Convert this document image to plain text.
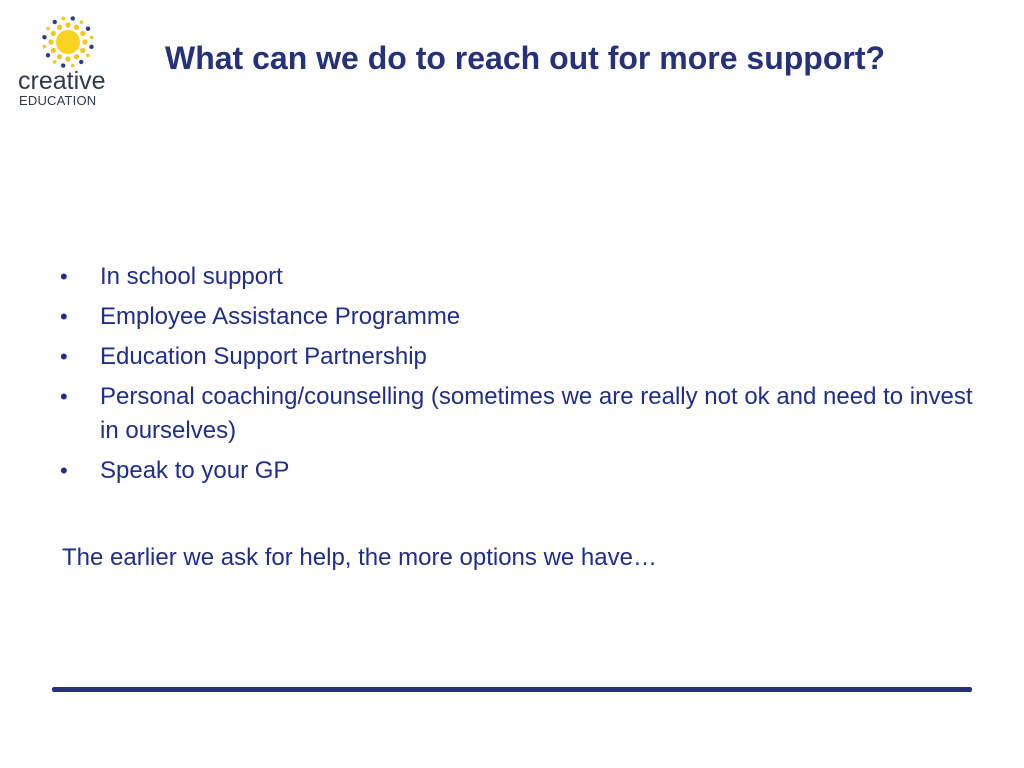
creative
EDUCATION
What can we do to reach out for more support?
•	In school support
•	Employee Assistance Programme
•	Education Support Partnership
•	Personal coaching/counselling (sometimes we are really not ok and need to invest in ourselves)
•	Speak to your GP

The earlier we ask for help, the more options we have…
